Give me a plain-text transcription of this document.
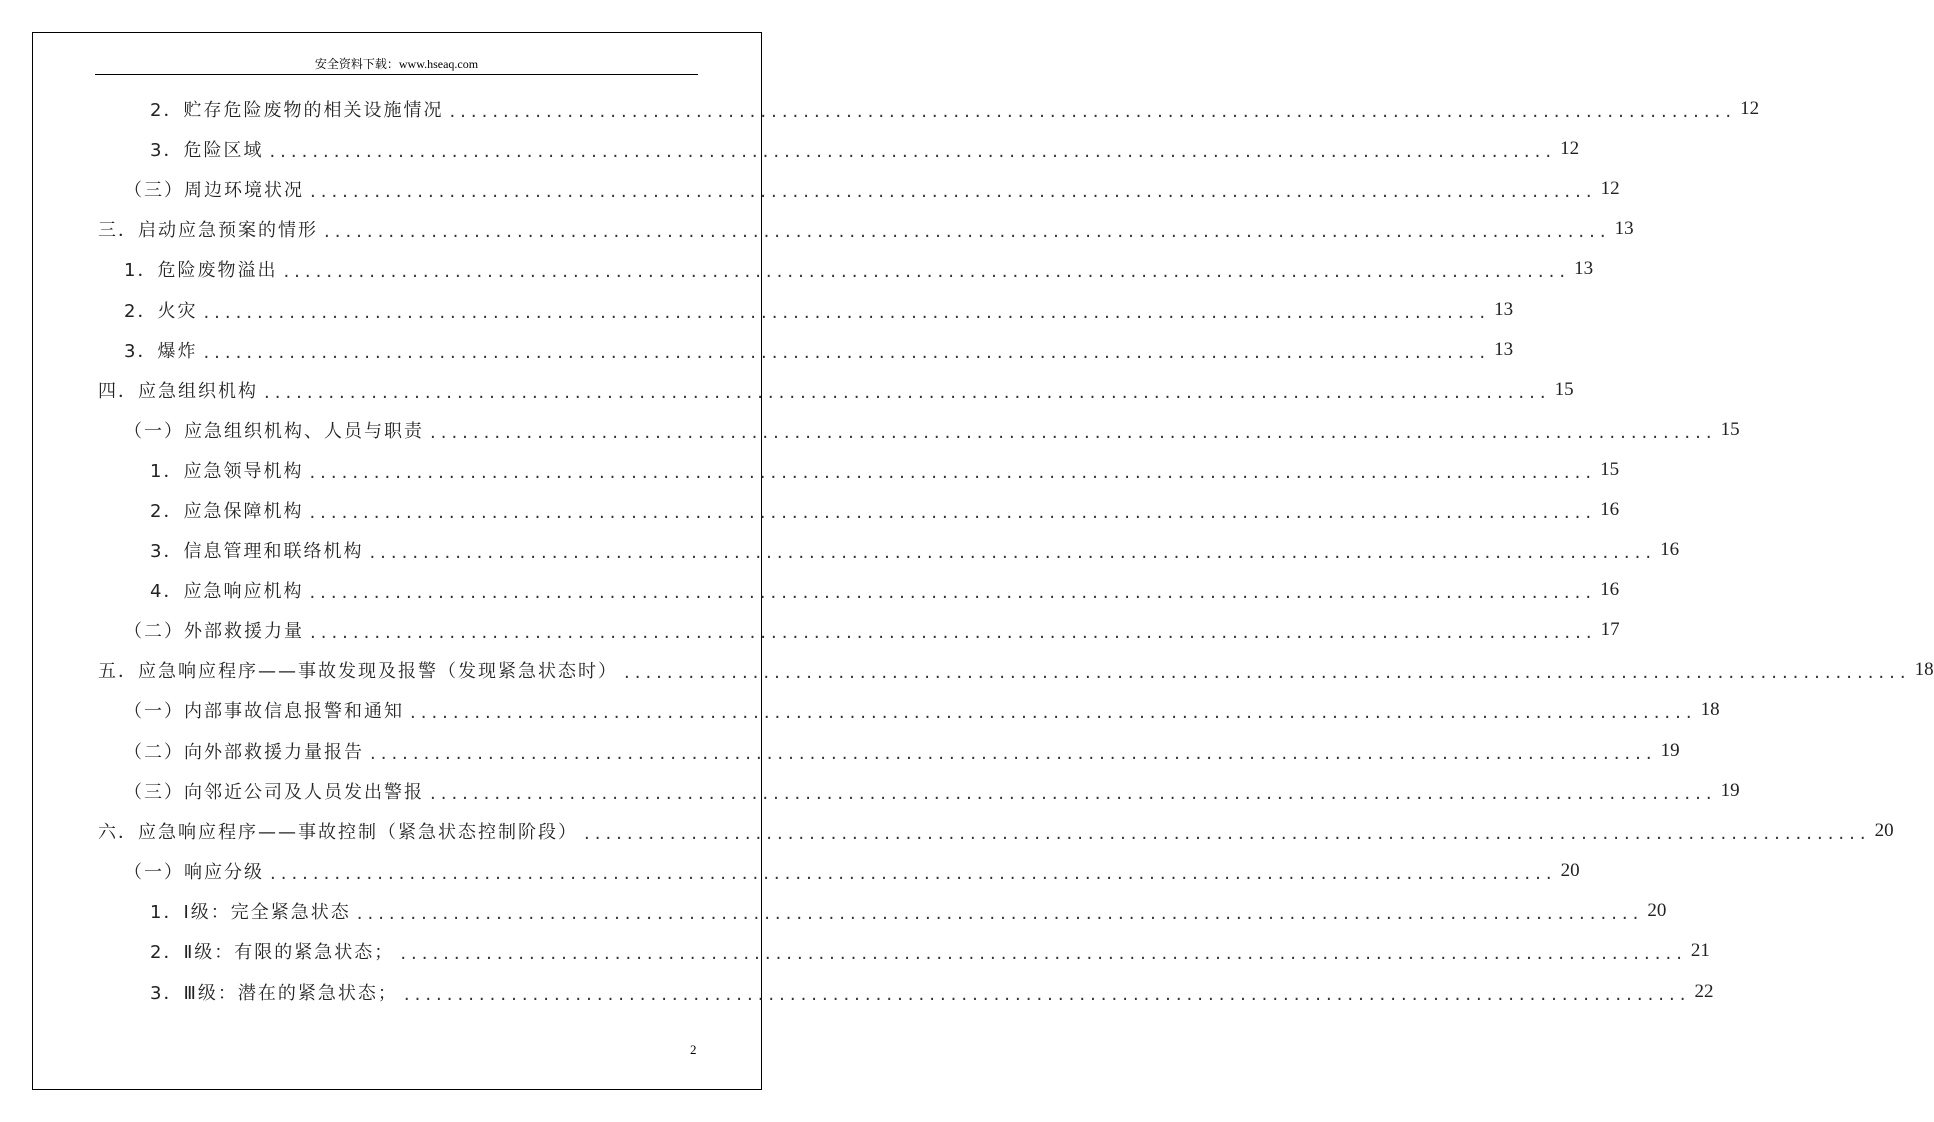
安全资料下载：www.hseaq.com
2．贮存危险废物的相关设施情况 ........................................................................................................................ 12
3．危险区域 ........................................................................................................................ 12
（三）周边环境状况 ........................................................................................................................ 12
三．启动应急预案的情形 ........................................................................................................................ 13
1．危险废物溢出 ........................................................................................................................ 13
2．火灾 ........................................................................................................................ 13
3．爆炸 ........................................................................................................................ 13
四．应急组织机构 ........................................................................................................................ 15
（一）应急组织机构、人员与职责 ........................................................................................................................ 15
1．应急领导机构 ........................................................................................................................ 15
2．应急保障机构 ........................................................................................................................ 16
3．信息管理和联络机构 ........................................................................................................................ 16
4．应急响应机构 ........................................................................................................................ 16
（二）外部救援力量 ........................................................................................................................ 17
五．应急响应程序——事故发现及报警（发现紧急状态时） ........................................................................................................................ 18
（一）内部事故信息报警和通知 ........................................................................................................................ 18
（二）向外部救援力量报告 ........................................................................................................................ 19
（三）向邻近公司及人员发出警报 ........................................................................................................................ 19
六．应急响应程序——事故控制（紧急状态控制阶段） ........................................................................................................................ 20
（一）响应分级 ........................................................................................................................ 20
1．Ⅰ级：完全紧急状态 ........................................................................................................................ 20
2．Ⅱ级：有限的紧急状态； ........................................................................................................................ 21
3．Ⅲ级：潜在的紧急状态； ........................................................................................................................ 22
2
